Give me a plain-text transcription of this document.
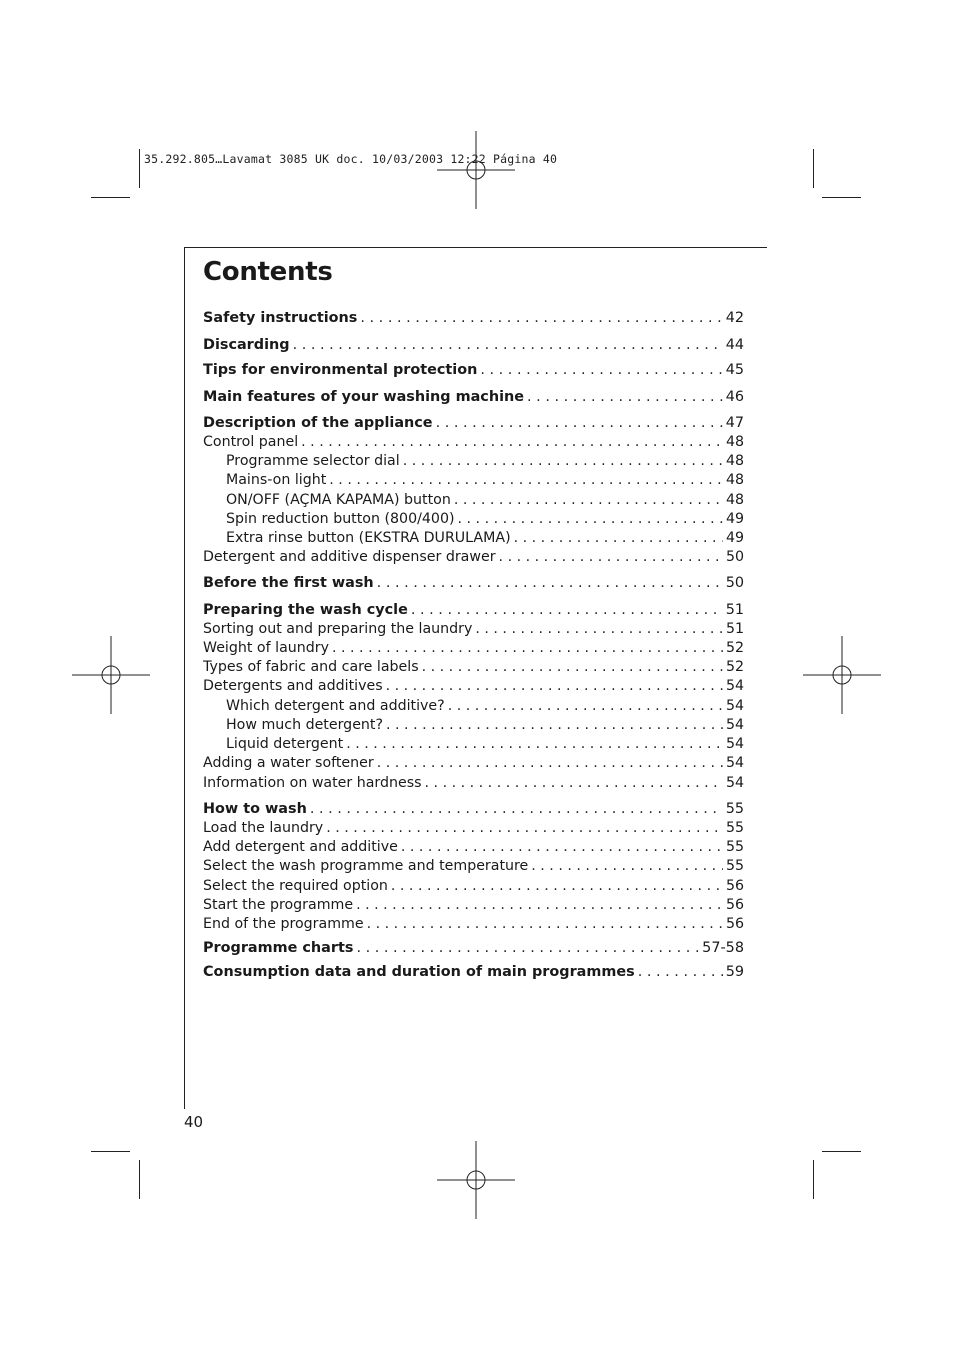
35.292.805…Lavamat 3085 UK doc. 10/03/2003 12:22 Página 40
Contents
Safety instructions . . .	42
Discarding . . .	44
Tips for environmental protection . . .	45
Main features of your washing machine . . .	46
Description of the appliance . . .	47
Control panel . . .	48
Programme selector dial . . .	48
Mains-on light . . .	48
ON/OFF (AÇMA KAPAMA) button . . .	48
Spin reduction button (800/400) . . .	49
Extra rinse button (EKSTRA DURULAMA) . . .	49
Detergent and additive dispenser drawer . . .	50
Before the first wash . . .	50
Preparing the wash cycle . . .	51
Sorting out and preparing the laundry . . .	51
Weight of laundry . . .	52
Types of fabric and care labels . . .	52
Detergents and additives . . .	54
Which detergent and additive? . . .	54
How much detergent? . . .	54
Liquid detergent . . .	54
Adding a water softener . . .	54
Information on water hardness . . .	54
How to wash . . .	55
Load the laundry . . .	55
Add detergent and additive . . .	55
Select the wash programme and temperature . . .	55
Select the required option . . .	56
Start the programme . . .	56
End of the programme . . .	56
Programme charts . . .	57-58
Consumption data and duration of main programmes . . .	59
40
